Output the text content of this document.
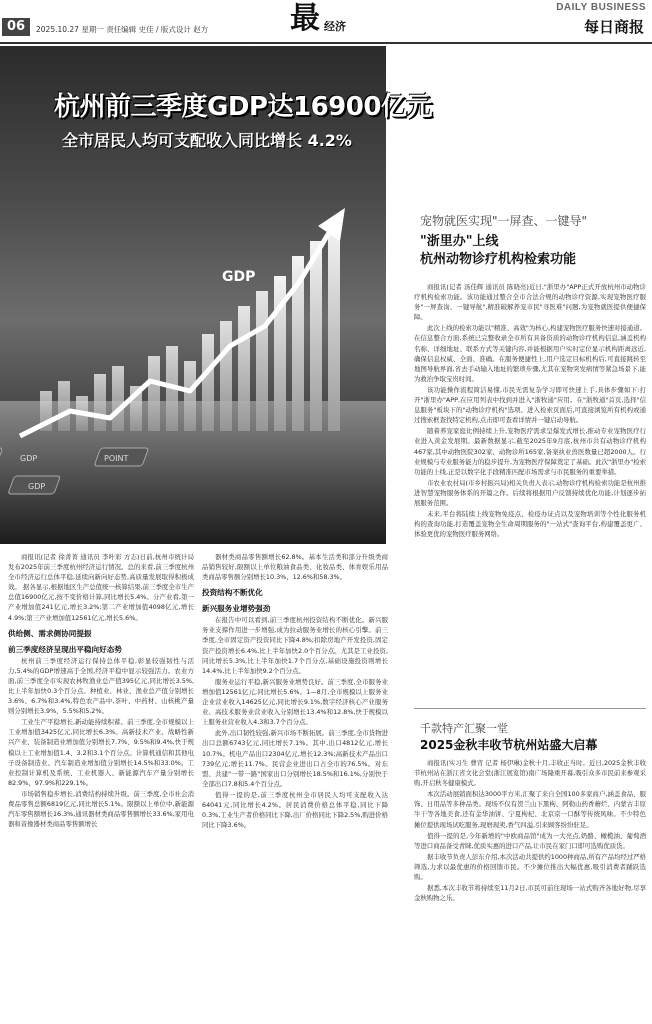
06	2025.10.27 星期一 责任编辑 史佳 / 版式设计 赵方	最 经济
DAILY BUSINESS
每日商报
GDP
GDP
GDP
POINT
杭州前三季度GDP达16900亿元
全市居民人均可支配收入同比增长 4.2%

商报讯(记者 徐菁菁 通讯员 李叶彩 方志)日前,杭州市统计局发布2025年前三季度杭州经济运行情况。总的来看,前三季度杭州全市经济运行总体平稳,延续向新向好态势,高质量发展取得积极成效。 据各显示,根据地区生产总值统一核算结果,前三季度全市生产总值16900亿元,按不变价格计算,同比增长5.4%。分产业看,第一产业增加值241亿元,增长3.2%;第二产业增加值4098亿元,增长4.9%;第三产业增加值12561亿元,增长5.6%。

供给侧、需求侧协同提振
前三季度经济呈现出平稳向好态势

杭州前三季度经济运行保持总体平稳,彰显较强韧性与活力,5.4%的GDP增速高于全国,经济平稳中显示较强活力。农业方面,前三季度全市实现农林牧渔业总产值395亿元,同比增长3.5%,比上半年加快0.3个百分点。种植业、林业、渔业总产值分别增长3.6%、6.7%和3.4%,特色农产品中,茶叶、中药材、山核桃产量则分别增长3.9%、5.5%和5.2%。

工业生产平稳增长,新动能持续积蓄。前三季度,全市规模以上工业增加值3425亿元,同比增长6.3%。高新技术产业、战略性新兴产业、装备制造业增加值分别增长7.7%、9.5%和9.4%,快于规模以上工业增加值1.4、3.2和3.1个百分点。计算机通信和其他电子设备制造业、汽车制造业增加值分别增长14.5%和33.0%。工业控制计算机及系统、工业机器人、新能源汽车产量分别增长82.9%、97.9%和229.1%。

市场销售稳步增长,消费结构持续升级。前三季度,全市社会消费品零售总额6819亿元,同比增长5.1%。限额以上单位中,新能源汽车零售额增长16.3%,通讯器材类商品零售额增长33.6%,家用电器和音像器材类商品零售额增长

器材类商品零售额增长62.8%。基本生活类和部分升级类商品销售较好,限额以上单位粮油食品类、化妆品类、体育娱乐用品类商品零售额分别增长10.3%、12.6%和58.3%。

投资结构不断优化
新兴服务业增势强劲

在报告中可以看到,前三季度杭州投资结构不断优化。新兴服务业支撑作用进一步增强,成为拉动服务业增长的核心引擎。前三季度,全市固定资产投资同比下降4.8%;扣除房地产开发投资,固定资产投资增长6.4%,比上半年加快2.0个百分点。尤其是工业投资,同比增长5.3%,比上半年加快1.7个百分点,基础设施投资则增长14.4%,比上半年加快9.2个百分点。

服务业运行平稳,新兴服务业增势良好。前三季度,全市服务业增加值12561亿元,同比增长5.6%。1—8月,全市规模以上服务业企业营业收入14625亿元,同比增长9.1%,数字经济核心产业服务业、高技术服务业营业收入分别增长13.4%和12.8%,快于规模以上服务业营业收入4.3和3.7个百分点。

此外,出口韧性较强,新兴市场不断拓展。前三季度,全市货物进出口总额6743亿元,同比增长7.1%。其中,出口4812亿元,增长10.7%。机电产品出口2304亿元,增长12.3%;高新技术产品出口739亿元,增长11.7%。民营企业进出口占全市的76.5%。对东盟、共建"一带一路"国家出口分别增长18.5%和16.1%,分别快于全部出口7.8和5.4个百分点。

值得一提的是,前三季度杭州全市居民人均可支配收入达64041元,同比增长4.2%。居民消费价格总体平稳,同比下降0.3%,工业生产者价格同比下降,出厂价格同比下降2.5%,购进价格同比下降3.6%。

宠物就医实现"一屏查、一键导"
"浙里办"上线
杭州动物诊疗机构检索功能

商报讯(记者 汤佳辉 通讯员 陈晓亮)近日,"浙里办"APP正式开放杭州市动物诊疗机构检索功能。该功能通过整合全市合法合规的动物诊疗资源,实现宠物医疗服务"一屏查询、一键导航",精准破解养宠市民"寻医难"问题,为宠物就医提供便捷保障。

此次上线的检索功能以"精准、高效"为核心,构建宠物医疗服务快速对接通道。在信息整合方面,系统已完整收录全市所有具备资质的动物诊疗机构信息,涵盖机构名称、详细地址、联系方式等关键内容,并能根据用户实时定位显示机构距离远近,确保信息权威、全面、准确。在服务便捷性上,用户选定目标机构后,可直接跳转至地图导航界面,省去手动输入地址的繁琐步骤,尤其在宠物突发病情等紧急场景下,能为救治争取宝贵时间。

该功能操作流程简洁易懂,市民无需复杂学习即可快速上手,具体步骤如下:打开"浙里办"APP,在应用列表中找到并进入"浙牧通"应用。在"浙牧通"首页,选择"信息服务"板块下的"动物诊疗机构"选项。进入检索页面后,可直接浏览所有机构或通过搜索框查找特定机构,点击即可查看详情并一键启动导航。

随着养宠家庭比例持续上升,宠物医疗需求呈爆发式增长,推动专业宠物医疗行业进入黄金发展期。最新数据显示,截至2025年9月底,杭州市共有动物诊疗机构467家,其中动物医院302家、动物诊所165家,备案执业兽医数量已超2000人。行业规模与专业服务能力的稳步提升,为宠物医疗保障奠定了基础。此次"浙里办"检索功能的上线,正是以数字化手段精准匹配市场需求与市民服务的重要举措。

市农业农村局(市乡村振兴局)相关负责人表示,动物诊疗机构检索功能是杭州推进智慧宠物服务体系的开篇之作。后续将根据用户反馈持续优化功能,计划逐步拓展服务范围。

未来,平台将陆续上线宠物免疫点、检疫办证点以及宠物培训等个性化服务机构的查询功能,打造覆盖宠物全生命周期服务的"一站式"查询平台,构建覆盖更广、体验更优的宠物医疗服务网络。

千款特产汇聚一堂
2025金秋丰收节杭州站盛大启幕

商报讯(实习生 曹宵 记者 杨伊琳)金秋十月,丰收正当时。近日,2025金秋丰收节杭州站在浙江省文化会堂(浙江展览馆)南广场隆重开幕,吸引众多市民前来参观采购,开启秋冬健康模式。

本次活动展销面积达3000平方米,汇聚了来自全国100多家商户,涵盖食品、服饰、日用品等多种品类。现场不仅有贺兰山下黑枸、阿勒山药香蘑烂、内蒙古丰原牛干等各地美食,还有金华油饼、宁夏枸杞、北京京一口酥等传统风味。不少特色摊位提供现场试吃服务,现磨现卖,香气四溢,引来顾客纷纷驻足。

值得一提的是,今年新增的"中欧商品馆"成为一大亮点,奶酪、橄榄油、葡萄酒等进口商品备受青睐,优质实惠的进口产品,让市民在家门口即可选购优质货。

据丰收节负责人彭东介绍,本次活动共提供约1000种商品,所有产品均经过严格筛选,力求以最优惠的价格回馈市民。不少摊位推出大幅优惠,吸引消费者踊跃选购。

据悉,本次丰收节将持续至11月2日,市民可前往现场一站式购齐各地好物,尽享金秋购物之乐。
